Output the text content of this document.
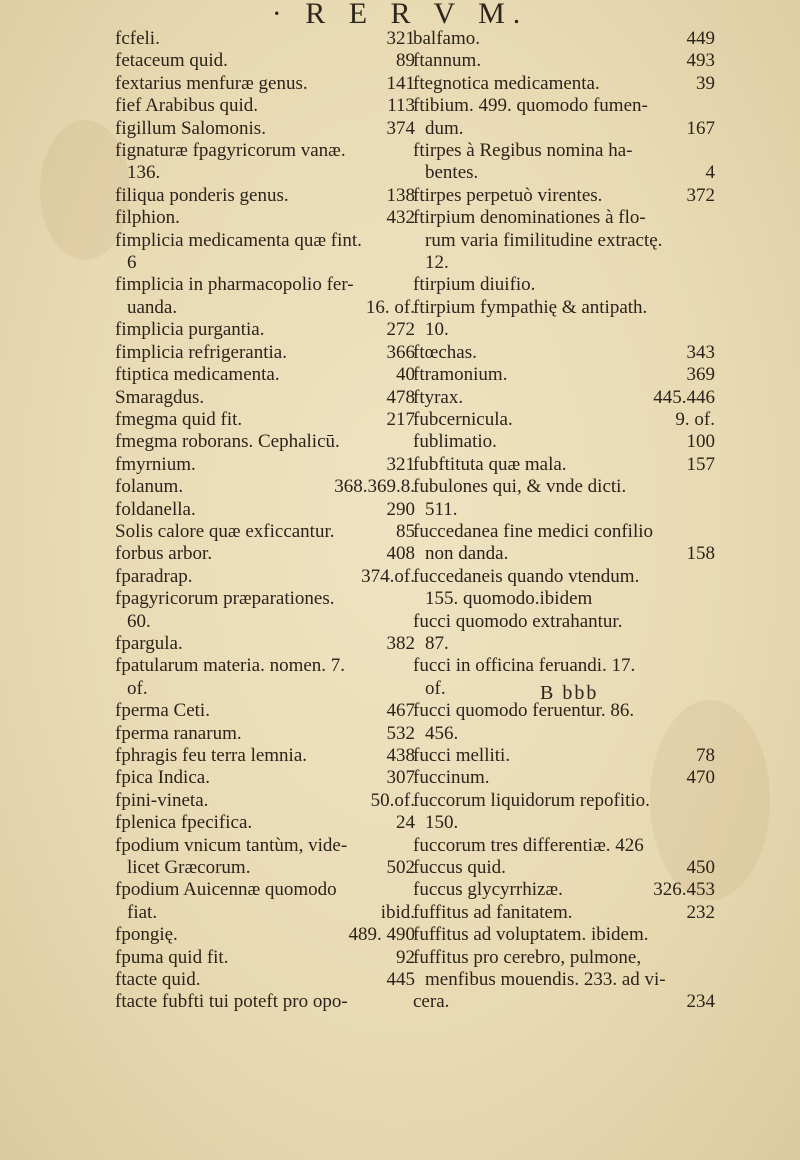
· R E R V M.
321
fcfeli.
89
fetaceum quid.
141
fextarius menfuræ genus.
113
fief Arabibus quid.
374
figillum Salomonis.
fignaturæ fpagyricorum vanæ.
136.
138
filiqua ponderis genus.
432
filphion.
fimplicia medicamenta quæ fint.
6
fimplicia in pharmacopolio fer-
16. of.
uanda.
272
fimplicia purgantia.
366
fimplicia refrigerantia.
40
ftiptica medicamenta.
478
Smaragdus.
217
fmegma quid fit.
fmegma roborans. Cephalicū.
321
fmyrnium.
368.369.8.
folanum.
290
foldanella.
85
Solis calore quæ exficcantur.
408
forbus arbor.
374.of.
fparadrap.
fpagyricorum præparationes.
60.
382
fpargula.
fpatularum materia. nomen. 7.
of.
467
fperma Ceti.
532
fperma ranarum.
438
fphragis feu terra lemnia.
307
fpica Indica.
50.of.
fpini-vineta.
24
fplenica fpecifica.
fpodium vnicum tantùm, vide-
502
licet Græcorum.
fpodium Auicennæ quomodo
ibid.
fiat.
489. 490
fpongię.
92
fpuma quid fit.
445
ftacte quid.
ftacte fubfti tui poteft pro opo-
449
balfamo.
493
ftannum.
39
ftegnotica medicamenta.
ftibium. 499. quomodo fumen-
167
dum.
ftirpes à Regibus nomina ha-
4
bentes.
372
ftirpes perpetuò virentes.
ftirpium denominationes à flo-
rum varia fimilitudine extractę.
12.
ftirpium diuifio.
ftirpium fympathię & antipath.
10.
343
ftœchas.
369
ftramonium.
445.446
ftyrax.
9. of.
fubcernicula.
100
fublimatio.
157
fubftituta quæ mala.
fubulones qui, & vnde dicti.
511.
fuccedanea fine medici confilio
158
non danda.
fuccedaneis quando vtendum.
155. quomodo.ibidem
fucci quomodo extrahantur.
87.
fucci in officina feruandi. 17.
of.
fucci quomodo feruentur. 86.
456.
78
fucci melliti.
470
fuccinum.
fuccorum liquidorum repofitio.
150.
fuccorum tres differentiæ. 426
450
fuccus quid.
326.453
fuccus glycyrrhizæ.
232
fuffitus ad fanitatem.
fuffitus ad voluptatem. ibidem.
fuffitus pro cerebro, pulmone,
menfibus mouendis. 233. ad vi-
234
cera.
B bbb
